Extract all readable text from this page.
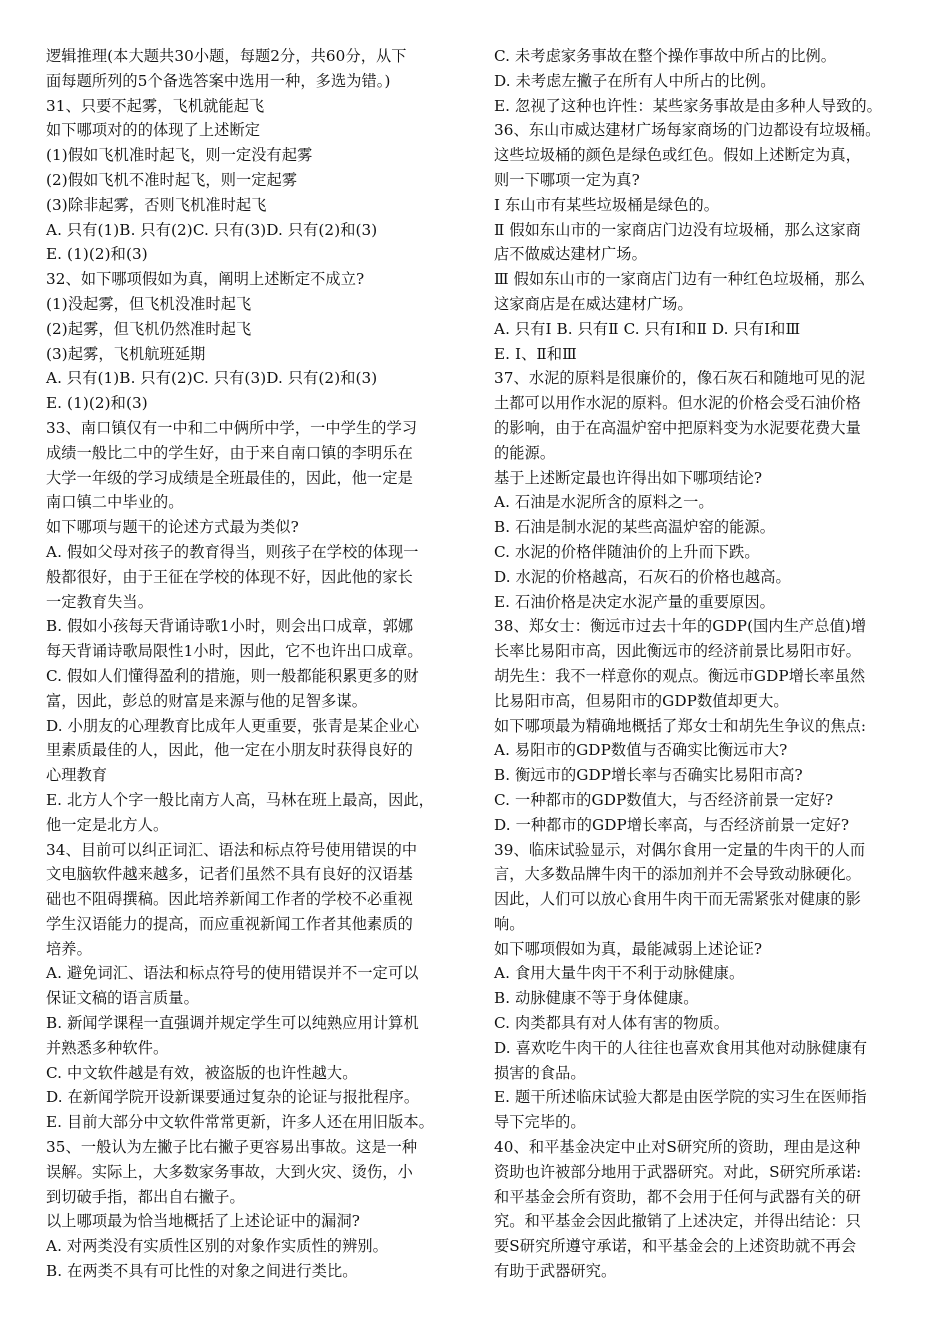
逻辑推理(本大题共30小题，每题2分，共60分，从下
面每题所列的5个备选答案中选用一种，多选为错。)
31、只要不起雾，飞机就能起飞
如下哪项对的的体现了上述断定
(1)假如飞机准时起飞，则一定没有起雾
(2)假如飞机不准时起飞，则一定起雾
(3)除非起雾，否则飞机准时起飞
A. 只有(1)B. 只有(2)C. 只有(3)D. 只有(2)和(3)
E. (1)(2)和(3)
32、如下哪项假如为真，阐明上述断定不成立?
(1)没起雾，但飞机没准时起飞
(2)起雾，但飞机仍然准时起飞
(3)起雾，飞机航班延期
A. 只有(1)B. 只有(2)C. 只有(3)D. 只有(2)和(3)
E. (1)(2)和(3)
33、南口镇仅有一中和二中俩所中学，一中学生的学习
成绩一般比二中的学生好，由于来自南口镇的李明乐在
大学一年级的学习成绩是全班最佳的，因此，他一定是
南口镇二中毕业的。
如下哪项与题干的论述方式最为类似?
A. 假如父母对孩子的教育得当，则孩子在学校的体现一
般都很好，由于王征在学校的体现不好，因此他的家长
一定教育失当。
B. 假如小孩每天背诵诗歌1小时，则会出口成章，郭娜
每天背诵诗歌局限性1小时，因此，它不也许出口成章。
C. 假如人们懂得盈利的措施，则一般都能积累更多的财
富，因此，彭总的财富是来源与他的足智多谋。
D. 小朋友的心理教育比成年人更重要，张青是某企业心
里素质最佳的人，因此，他一定在小朋友时获得良好的
心理教育
E. 北方人个字一般比南方人高，马林在班上最高，因此，
他一定是北方人。
34、目前可以纠正词汇、语法和标点符号使用错误的中
文电脑软件越来越多，记者们虽然不具有良好的汉语基
础也不阻碍撰稿。因此培养新闻工作者的学校不必重视
学生汉语能力的提高，而应重视新闻工作者其他素质的
培养。
A. 避免词汇、语法和标点符号的使用错误并不一定可以
保证文稿的语言质量。
B. 新闻学课程一直强调并规定学生可以纯熟应用计算机
并熟悉多种软件。
C. 中文软件越是有效，被盗版的也许性越大。
D. 在新闻学院开设新课要通过复杂的论证与报批程序。
E. 目前大部分中文软件常常更新，许多人还在用旧版本。
35、一般认为左撇子比右撇子更容易出事故。这是一种
误解。实际上，大多数家务事故，大到火灾、烫伤，小
到切破手指，都出自右撇子。
以上哪项最为恰当地概括了上述论证中的漏洞?
A. 对两类没有实质性区别的对象作实质性的辨别。
B. 在两类不具有可比性的对象之间进行类比。
C. 未考虑家务事故在整个操作事故中所占的比例。
D. 未考虑左撇子在所有人中所占的比例。
E. 忽视了这种也许性：某些家务事故是由多种人导致的。
36、东山市威达建材广场每家商场的门边都设有垃圾桶。
这些垃圾桶的颜色是绿色或红色。假如上述断定为真，
则一下哪项一定为真?
Ⅰ 东山市有某些垃圾桶是绿色的。
Ⅱ 假如东山市的一家商店门边没有垃圾桶，那么这家商
店不做威达建材广场。
Ⅲ 假如东山市的一家商店门边有一种红色垃圾桶，那么
这家商店是在威达建材广场。
A. 只有Ⅰ B. 只有Ⅱ C. 只有Ⅰ和Ⅱ D. 只有Ⅰ和Ⅲ
E. Ⅰ、Ⅱ和Ⅲ
37、水泥的原料是很廉价的，像石灰石和随地可见的泥
土都可以用作水泥的原料。但水泥的价格会受石油价格
的影响，由于在高温炉窑中把原料变为水泥要花费大量
的能源。
基于上述断定最也许得出如下哪项结论?
A. 石油是水泥所含的原料之一。
B. 石油是制水泥的某些高温炉窑的能源。
C. 水泥的价格伴随油价的上升而下跌。
D. 水泥的价格越高，石灰石的价格也越高。
E. 石油价格是决定水泥产量的重要原因。
38、郑女士：衡远市过去十年的GDP(国内生产总值)增
长率比易阳市高，因此衡远市的经济前景比易阳市好。
胡先生：我不一样意你的观点。衡远市GDP增长率虽然
比易阳市高，但易阳市的GDP数值却更大。
如下哪项最为精确地概括了郑女士和胡先生争议的焦点:
A. 易阳市的GDP数值与否确实比衡远市大?
B. 衡远市的GDP增长率与否确实比易阳市高?
C. 一种都市的GDP数值大，与否经济前景一定好?
D. 一种都市的GDP增长率高，与否经济前景一定好?
39、临床试验显示，对偶尔食用一定量的牛肉干的人而
言，大多数品牌牛肉干的添加剂并不会导致动脉硬化。
因此，人们可以放心食用牛肉干而无需紧张对健康的影
响。
如下哪项假如为真，最能减弱上述论证?
A. 食用大量牛肉干不利于动脉健康。
B. 动脉健康不等于身体健康。
C. 肉类都具有对人体有害的物质。
D. 喜欢吃牛肉干的人往往也喜欢食用其他对动脉健康有
损害的食品。
E. 题干所述临床试验大都是由医学院的实习生在医师指
导下完毕的。
40、和平基金决定中止对S研究所的资助，理由是这种
资助也许被部分地用于武器研究。对此，S研究所承诺:
和平基金会所有资助，都不会用于任何与武器有关的研
究。和平基金会因此撤销了上述决定，并得出结论：只
要S研究所遵守承诺，和平基金会的上述资助就不再会
有助于武器研究。
